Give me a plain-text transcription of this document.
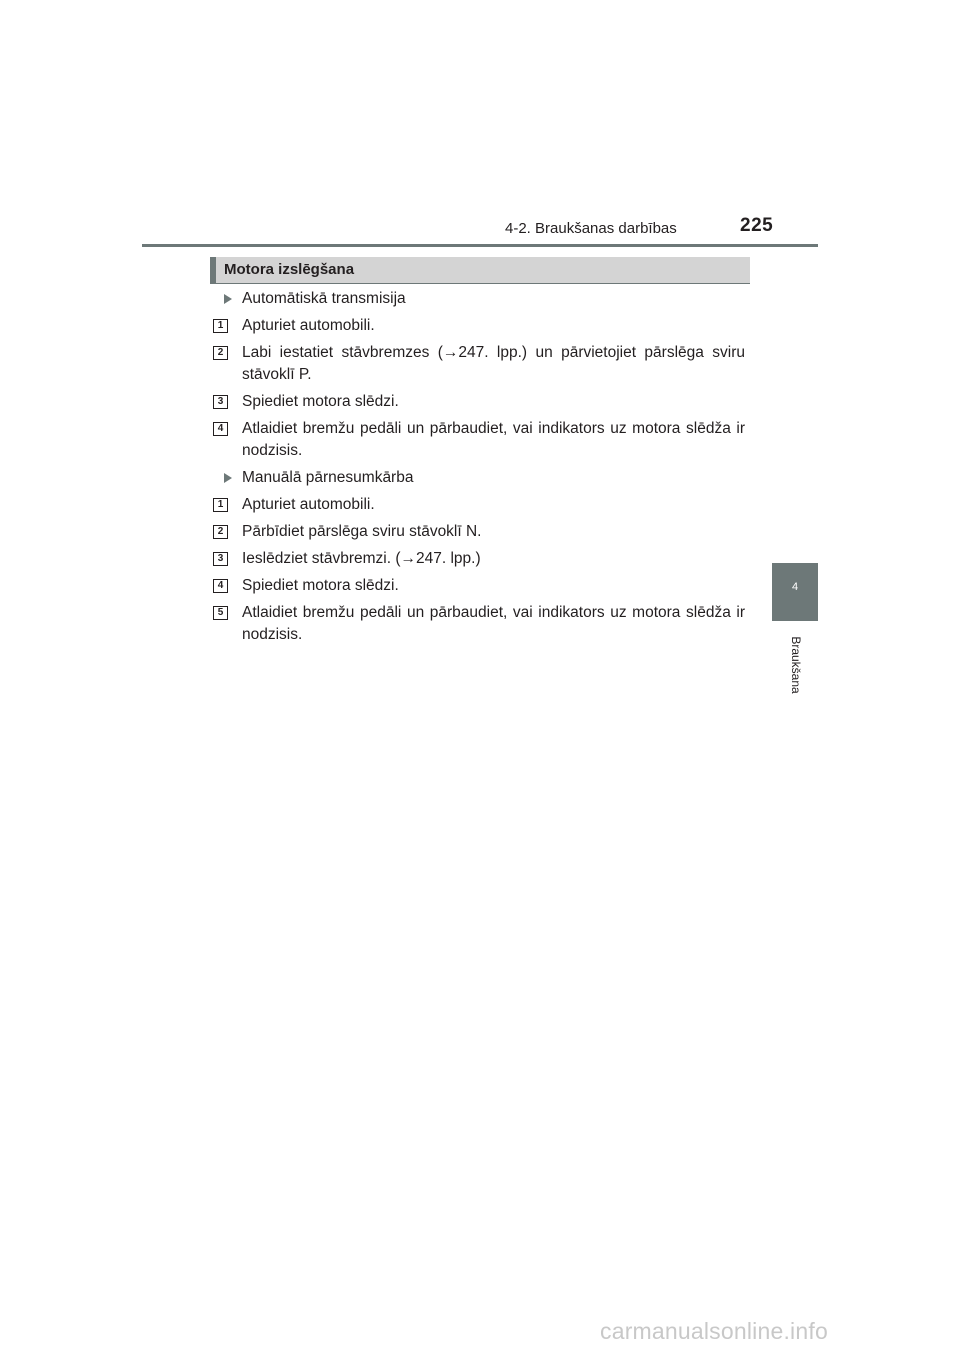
4-2. Braukšanas darbības	225
4
Braukšana
Motora izslēgšana
Automātiskā transmisija
1	Apturiet automobili.
2	Labi iestatiet stāvbremzes (→247. lpp.) un pārvietojiet pārslēga sviru stāvoklī P.
3	Spiediet motora slēdzi.
4	Atlaidiet bremžu pedāli un pārbaudiet, vai indikators uz motora slēdža ir nodzisis.
Manuālā pārnesumkārba
1	Apturiet automobili.
2	Pārbīdiet pārslēga sviru stāvoklī N.
3	Ieslēdziet stāvbremzi. (→247. lpp.)
4	Spiediet motora slēdzi.
5	Atlaidiet bremžu pedāli un pārbaudiet, vai indikators uz motora slēdža ir nodzisis.
carmanualsonline.info
